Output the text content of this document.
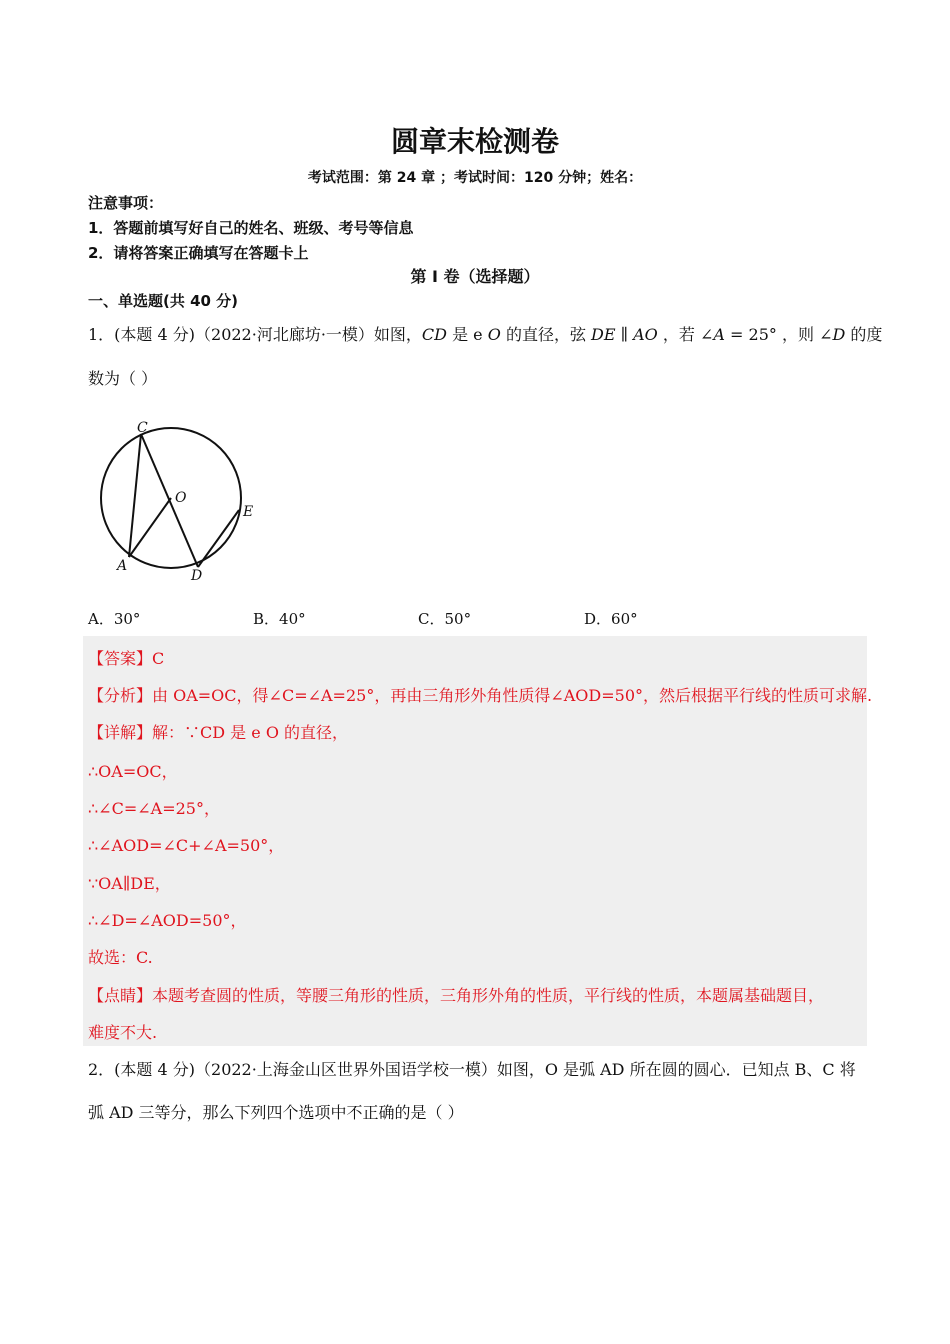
圆章末检测卷
考试范围：第 24 章 ；考试时间：120 分钟；姓名：
注意事项：
1．答题前填写好自己的姓名、班级、考号等信息
2．请将答案正确填写在答题卡上
第 I 卷（选择题）
一、单选题(共 40 分)
1．(本题 4 分)（2022·河北廊坊·一模）如图，CD 是 e O 的直径，弦 DE ∥ AO ，若 ∠A = 25° ，则 ∠D 的度
数为（ ）
C
O
E
A
D
A．30°	B．40°	C．50°	D．60°
【答案】C
【分析】由 OA=OC，得∠C=∠A=25°，再由三角形外角性质得∠AOD=50°，然后根据平行线的性质可求解.
【详解】解：∵CD 是 e O 的直径，
∴OA=OC，
∴∠C=∠A=25°，
∴∠AOD=∠C+∠A=50°，
∵OA∥DE，
∴∠D=∠AOD=50°，
故选：C.
【点睛】本题考查圆的性质，等腰三角形的性质，三角形外角的性质，平行线的性质，本题属基础题目，
难度不大.
2．(本题 4 分)（2022·上海金山区世界外国语学校一模）如图，O 是弧 AD 所在圆的圆心．已知点 B、C 将
弧 AD 三等分，那么下列四个选项中不正确的是（ ）
